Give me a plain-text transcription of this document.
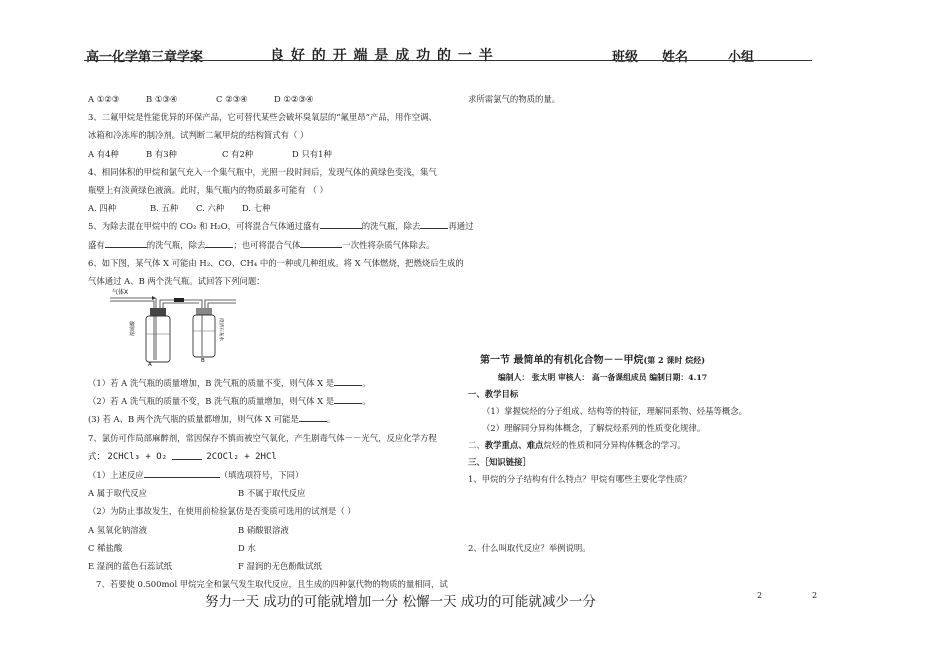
高一化学第三章学案	良 好 的 开 端 是 成 功 的 一 半	班级 姓名	小组
A ①②③	B ①③④	C ②③④	D ①②③④

3、二氟甲烷是性能优异的环保产品，它可替代某些会破坏臭氧层的“氟里昂”产品，用作空调、

冰箱和冷冻库的制冷剂。试判断二氟甲烷的结构简式有（ ）

A 有4种	B 有3种	C 有2种	D 只有1种

4、相同体积的甲烷和氯气充入一个集气瓶中，光照一段时间后，发现气体的黄绿色变浅，集气

瓶壁上有淡黄绿色液滴。此时，集气瓶内的物质最多可能有 （ ）

A. 四种	B. 五种 C. 六种 D. 七种

5、为除去混在甲烷中的 CO₂ 和 H₂O，可将混合气体通过盛有	的洗气瓶，除去	再通过

盛有	的洗气瓶，除去	；也可将混合气体	一次性将杂质气体除去。

6、如下图，某气体 X 可能由 H₂、CO、CH₄ 中的一种或几种组成。将 X 气体燃烧，把燃烧后生成的

气体通过 A、B 两个洗气瓶。试回答下列问题：

气体X
浓硫酸
A
澄清石灰水
B

（1）若 A 洗气瓶的质量增加，B 洗气瓶的质量不变，则气体 X 是	。

（2）若 A 洗气瓶的质量不变，B 洗气瓶的质量增加，则气体 X 是	。

(3) 若 A、B 两个洗气瓶的质量都增加，则气体 X 可能是	。

7、氯仿可作局部麻醉剂，常因保存不慎而被空气氧化，产生剧毒气体－－光气，反应化学方程

式： 2CHCl₃ + O₂	2COCl₂ + 2HCl

（1）上述反应	（填选项符号，下同）

A 属于取代反应	B 不属于取代反应

（2）为防止事故发生，在使用前检验氯仿是否变质可选用的试剂是（ ）

A 氢氧化钠溶液	B 硝酸银溶液
C 稀盐酸	D 水
E 湿润的蓝色石蕊试纸	F 湿润的无色酚酞试纸

7、若要使 0.500mol 甲烷完全和氯气发生取代反应，且生成的四种氯代物的物质的量相同，试

求所需氯气的物质的量。

第一节 最简单的有机化合物－－甲烷(第 2 课时 烷烃)

编制人： 张太明 审核人： 高一备课组成员 编制日期：4.17

一、教学目标

（1）掌握烷烃的分子组成、结构等的特征，理解同系物、烃基等概念。

（2）理解同分异构体概念，了解烷烃系列的性质变化规律。

二、教学重点、难点烷烃的性质和同分异构体概念的学习。

三、［知识链接］

1、甲烷的分子结构有什么特点？甲烷有哪些主要化学性质？

2、什么叫取代反应？举例说明。

努力一天 成功的可能就增加一分 松懈一天 成功的可能就减少一分	2	2
